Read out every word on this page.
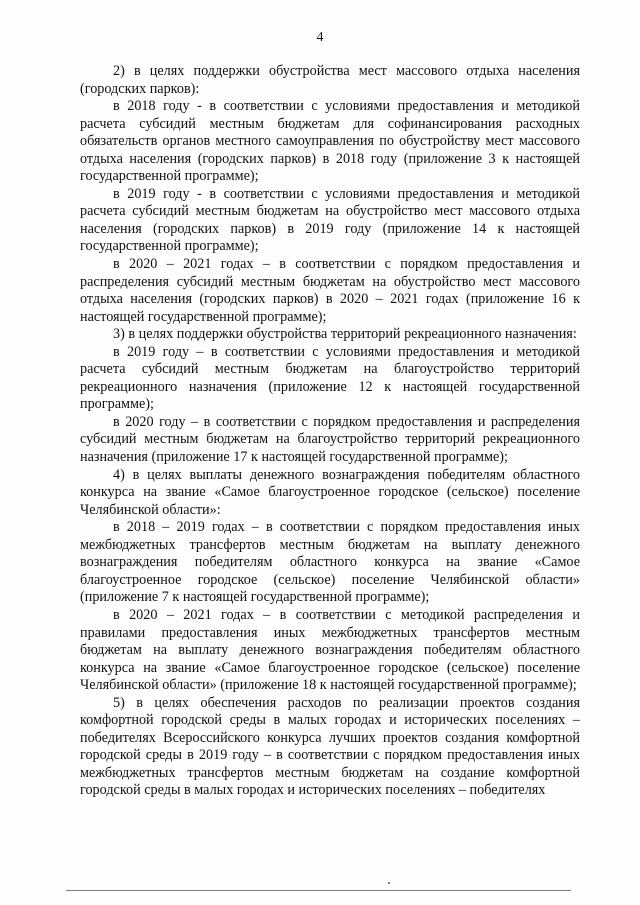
4

2) в целях поддержки обустройства мест массового отдыха населения (городских парков):

в 2018 году - в соответствии с условиями предоставления и методикой расчета субсидий местным бюджетам для софинансирования расходных обязательств органов местного самоуправления по обустройству мест массового отдыха населения (городских парков) в 2018 году (приложение 3 к настоящей государственной программе);

в 2019 году - в соответствии с условиями предоставления и методикой расчета субсидий местным бюджетам на обустройство мест массового отдыха населения (городских парков) в 2019 году (приложение 14 к настоящей государственной программе);

в 2020 – 2021 годах – в соответствии с порядком предоставления и распределения субсидий местным бюджетам на обустройство мест массового отдыха населения (городских парков) в 2020 – 2021 годах (приложение 16 к настоящей государственной программе);

3) в целях поддержки обустройства территорий рекреационного назначения:

в 2019 году – в соответствии с условиями предоставления и методикой расчета субсидий местным бюджетам на благоустройство территорий рекреационного назначения (приложение 12 к настоящей государственной программе);

в 2020 году – в соответствии с порядком предоставления и распределения субсидий местным бюджетам на благоустройство территорий рекреационного назначения (приложение 17 к настоящей государственной программе);

4) в целях выплаты денежного вознаграждения победителям областного конкурса на звание «Самое благоустроенное городское (сельское) поселение Челябинской области»:

в 2018 – 2019 годах – в соответствии с порядком предоставления иных межбюджетных трансфертов местным бюджетам на выплату денежного вознаграждения победителям областного конкурса на звание «Самое благоустроенное городское (сельское) поселение Челябинской области» (приложение 7 к настоящей государственной программе);

в 2020 – 2021 годах – в соответствии с методикой распределения и правилами предоставления иных межбюджетных трансфертов местным бюджетам на выплату денежного вознаграждения победителям областного конкурса на звание «Самое благоустроенное городское (сельское) поселение Челябинской области» (приложение 18 к настоящей государственной программе);

5) в целях обеспечения расходов по реализации проектов создания комфортной городской среды в малых городах и исторических поселениях – победителях Всероссийского конкурса лучших проектов создания комфортной городской среды в 2019 году – в соответствии с порядком предоставления иных межбюджетных трансфертов местным бюджетам на создание комфортной городской среды в малых городах и исторических поселениях – победителях
